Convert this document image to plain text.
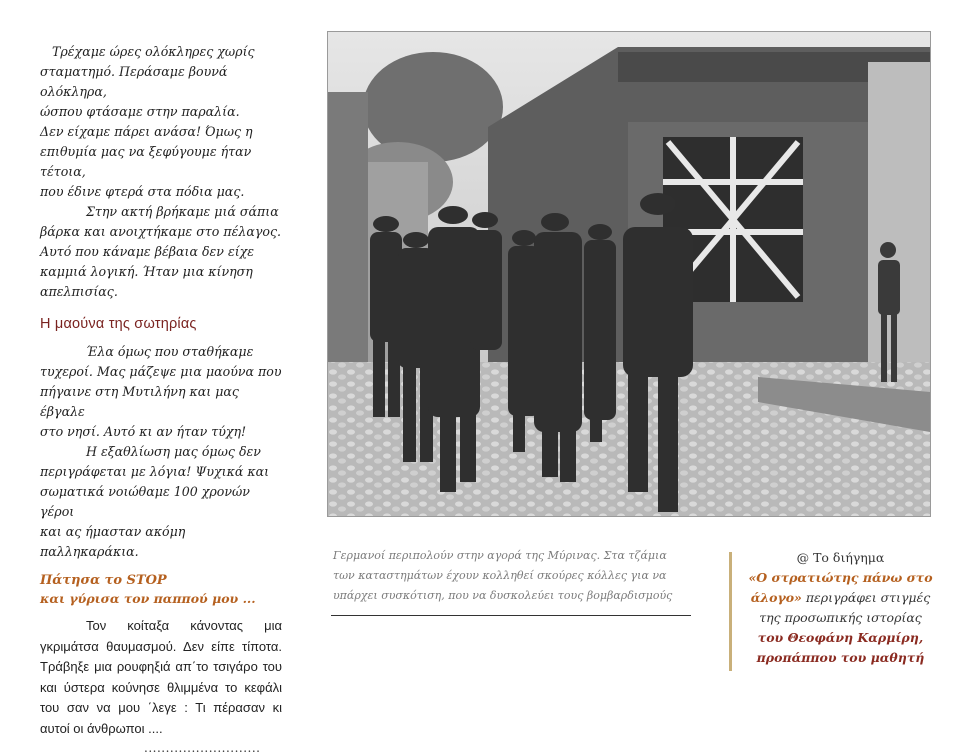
Τρέχαμε ώρες ολόκληρες χωρίς

σταματημό. Περάσαμε βουνά ολόκληρα,

ώσπου φτάσαμε στην παραλία.

Δεν είχαμε πάρει ανάσα! Όμως η

επιθυμία μας να ξεφύγουμε ήταν τέτοια,

που έδινε φτερά στα πόδια μας.

Στην ακτή βρήκαμε μιά σάπια

βάρκα και ανοιχτήκαμε στο πέλαγος.

Αυτό που κάναμε βέβαια δεν είχε

καμμιά λογική. Ήταν μια κίνηση

απελπισίας.

Η μαούνα της σωτηρίας

Έλα όμως που σταθήκαμε

τυχεροί. Μας μάζεψε μια μαούνα που

πήγαινε στη Μυτιλήνη και μας έβγαλε

στο νησί. Αυτό κι αν ήταν τύχη!

Η εξαθλίωση μας όμως δεν

περιγράφεται με λόγια! Ψυχικά και

σωματικά νοιώθαμε 100 χρονών γέροι

και ας ήμασταν ακόμη παλληκαράκια.

Πάτησα το STOP
και γύρισα τον παππού μου ...

Τον κοίταξα κάνοντας μια γκριμάτσα θαυμασμού. Δεν είπε τίποτα. Τράβηξε μια ρουφηξιά απ΄το τσιγάρο του και ύστερα κούνησε θλιμμένα το κεφάλι του σαν να μου ΄λεγε : Τι πέρασαν κι αυτοί οι άνθρωποι ....

...........................
Γερμανοί περιπολούν στην αγορά της Μύρινας. Στα τζάμια
των καταστημάτων έχουν κολληθεί σκούρες κόλλες για να
υπάρχει συσκότιση, που να δυσκολεύει τους βομβαρδισμούς
@ Το διήγημα
«Ο στρατιώτης πάνω στο άλογο» περιγράφει στιγμές
της προσωπικής ιστορίας
του Θεοφάνη Καρμίρη,
προπάππου του μαθητή
